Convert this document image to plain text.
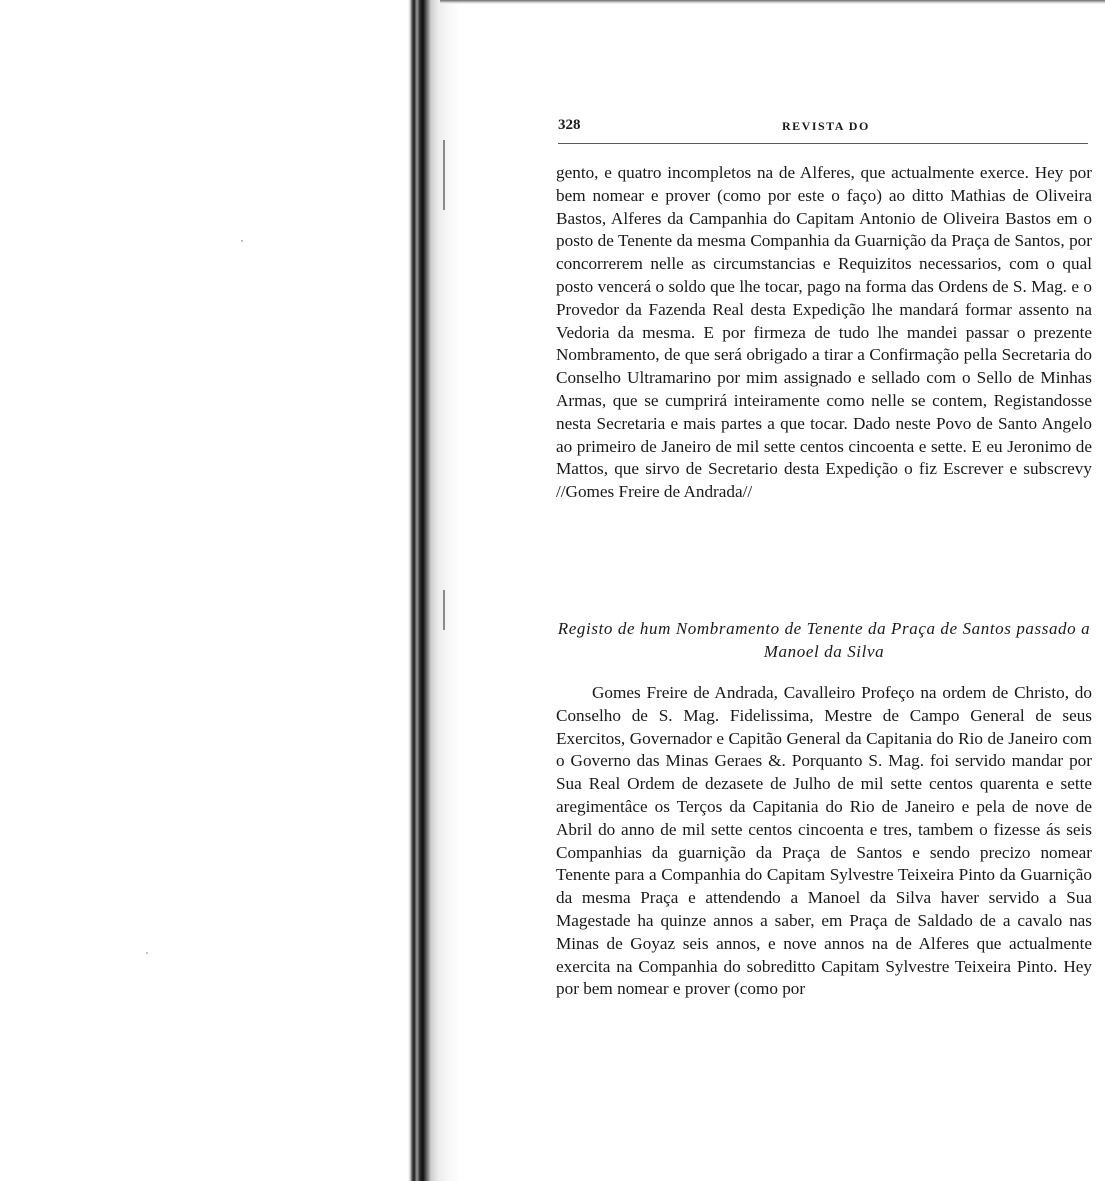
328	REVISTA DO

gento, e quatro incompletos na de Alferes, que actualmente exerce. Hey por bem nomear e prover (como por este o faço) ao ditto Mathias de Oliveira Bastos, Alferes da Campanhia do Capitam Antonio de Oliveira Bastos em o posto de Tenente da mesma Companhia da Guarnição da Praça de Santos, por concorrerem nelle as circumstancias e Requizitos necessarios, com o qual posto vencerá o soldo que lhe tocar, pago na forma das Ordens de S. Mag. e o Provedor da Fazenda Real desta Expedição lhe mandará formar assento na Vedoria da mesma. E por firmeza de tudo lhe mandei passar o prezente Nombramento, de que será obrigado a tirar a Confirmação pella Secretaria do Conselho Ultramarino por mim assignado e sellado com o Sello de Minhas Armas, que se cumprirá inteiramente como nelle se contem, Registandosse nesta Secretaria e mais partes a que tocar. Dado neste Povo de Santo Angelo ao primeiro de Janeiro de mil sette centos cincoenta e sette. E eu Jeronimo de Mattos, que sirvo de Secretario desta Expedição o fiz Escrever e subscrevy //Gomes Freire de Andrada//

Registo de hum Nombramento de Tenente da Praça de Santos passado a Manoel da Silva

Gomes Freire de Andrada, Cavalleiro Profeço na ordem de Christo, do Conselho de S. Mag. Fidelissima, Mestre de Campo General de seus Exercitos, Governador e Capitão General da Capitania do Rio de Janeiro com o Governo das Minas Geraes &. Porquanto S. Mag. foi servido mandar por Sua Real Ordem de dezasete de Julho de mil sette centos quarenta e sette aregimentâce os Terços da Capitania do Rio de Janeiro e pela de nove de Abril do anno de mil sette centos cincoenta e tres, tambem o fizesse ás seis Companhias da guarnição da Praça de Santos e sendo precizo nomear Tenente para a Companhia do Capitam Sylvestre Teixeira Pinto da Guarnição da mesma Praça e attendendo a Manoel da Silva haver servido a Sua Magestade ha quinze annos a saber, em Praça de Saldado de a cavalo nas Minas de Goyaz seis annos, e nove annos na de Alferes que actualmente exercita na Companhia do sobreditto Capitam Sylvestre Teixeira Pinto. Hey por bem nomear e prover (como por
